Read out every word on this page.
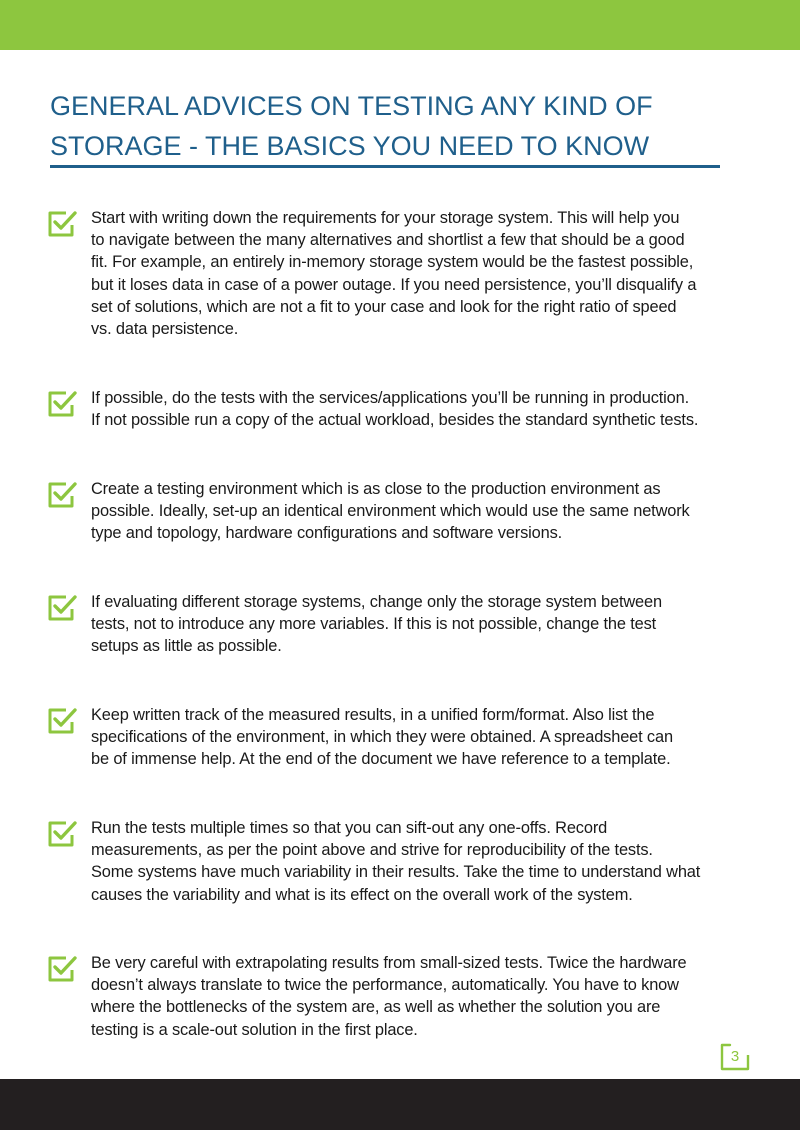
GENERAL ADVICES ON TESTING ANY KIND OF
STORAGE - THE BASICS YOU NEED TO KNOW

Start with writing down the requirements for your storage system. This will help you
to navigate between the many alternatives and shortlist a few that should be a good
fit. For example, an entirely in-memory storage system would be the fastest possible,
but it loses data in case of a power outage. If you need persistence, you’ll disqualify a
set of solutions, which are not a fit to your case and look for the right ratio of speed
vs. data persistence.

If possible, do the tests with the services/applications you’ll be running in production.
If not possible run a copy of the actual workload, besides the standard synthetic tests.

Create a testing environment which is as close to the production environment as
possible. Ideally, set-up an identical environment which would use the same network
type and topology, hardware configurations and software versions.

If evaluating different storage systems, change only the storage system between
tests, not to introduce any more variables. If this is not possible, change the test
setups as little as possible.

Keep written track of the measured results, in a unified form/format. Also list the
specifications of the environment, in which they were obtained. A spreadsheet can
be of immense help. At the end of the document we have reference to a template.

Run the tests multiple times so that you can sift-out any one-offs. Record
measurements, as per the point above and strive for reproducibility of the tests.
Some systems have much variability in their results. Take the time to understand what
causes the variability and what is its effect on the overall work of the system.

Be very careful with extrapolating results from small-sized tests. Twice the hardware
doesn’t always translate to twice the performance, automatically. You have to know
where the bottlenecks of the system are, as well as whether the solution you are
testing is a scale-out solution in the first place.

3
